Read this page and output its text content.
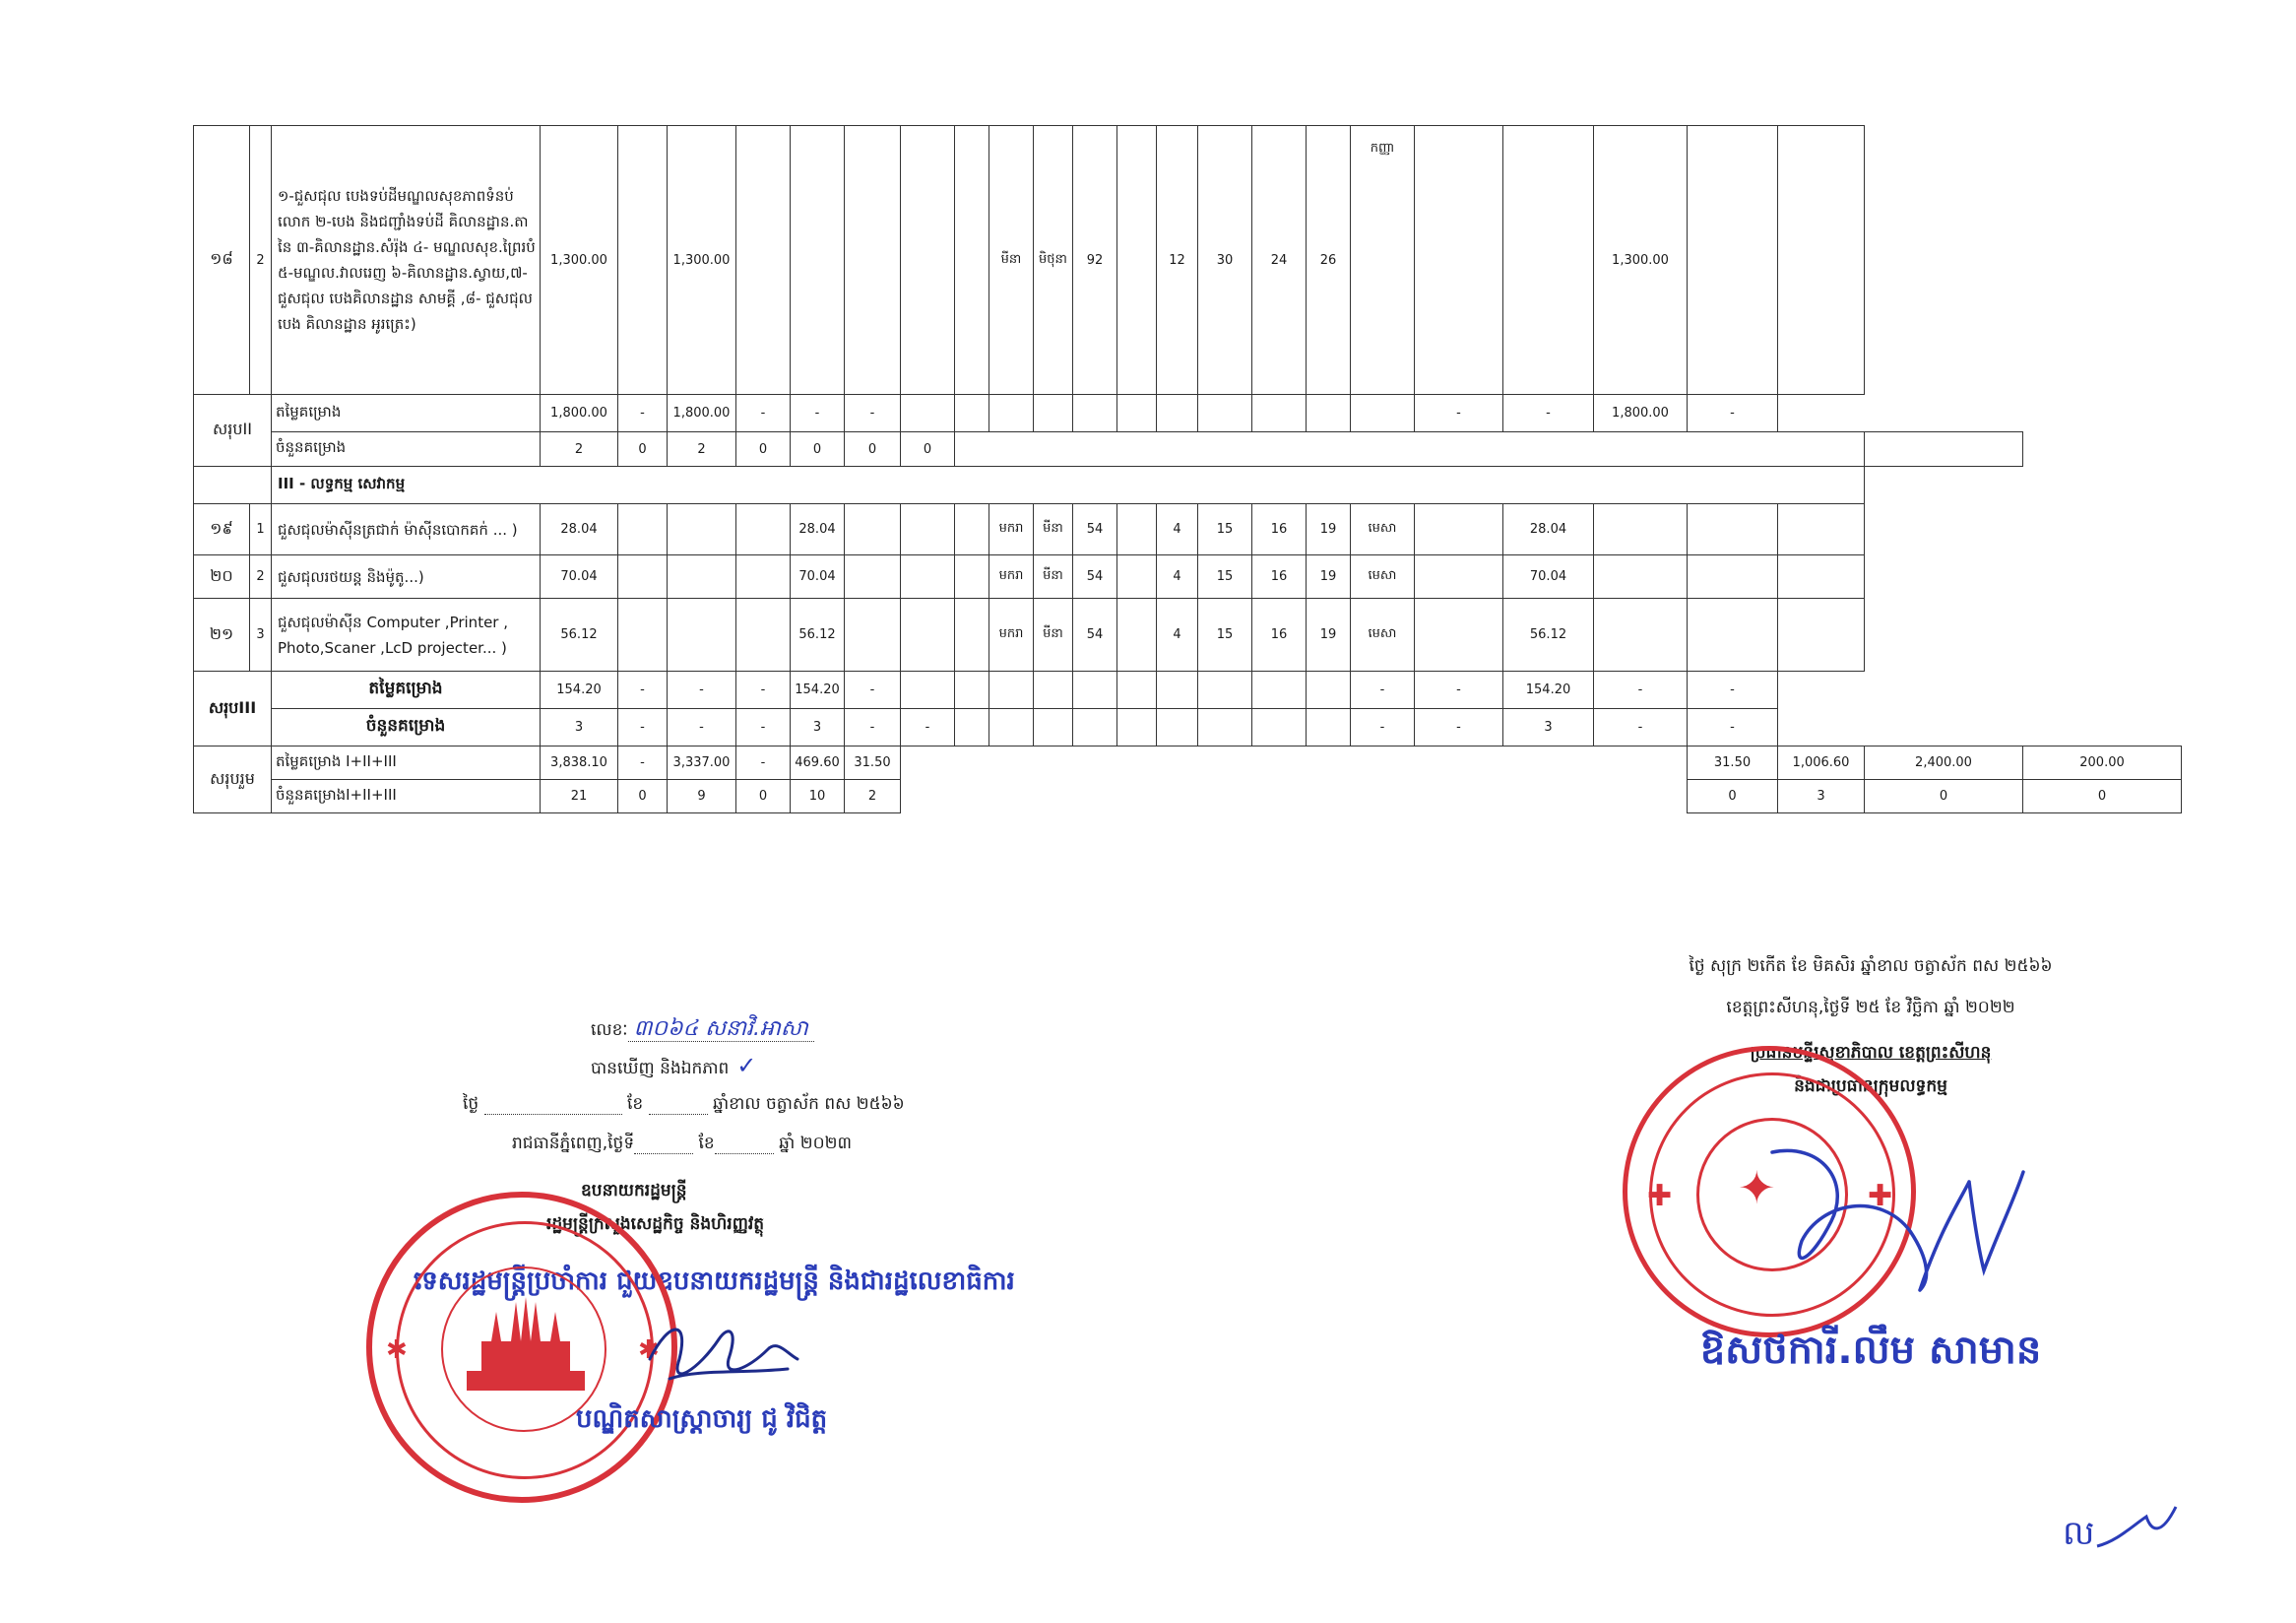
១៨	2	១-ជួសជុល បេងទប់ដីមណ្ឌលសុខភាពទំនប់លោក ២-បេង និងជញ្ជាំងទប់ដី គិលានដ្ឋាន.តានៃ ៣-គិលានដ្ឋាន.សំរ៉ុង ៤- មណ្ឌលសុខ.ព្រៃរបំ ៥-មណ្ឌល.វាលរេញ ៦-គិលានដ្ឋាន.ស្វាយ,៧-ជួសជុល បេងគិលានដ្ឋាន សាមគ្គី ,៨- ជួសជុល បេង គិលានដ្ឋាន អូរត្រេះ)	1,300.00		1,300.00						មីនា	មិថុនា	92		12	30	24	26	កញ្ញា			1,300.00				
សរុបII		តម្លៃគម្រោង	1,800.00	-	1,800.00	-	-	-												-	-	1,800.00	-			
		ចំនួនគម្រោង	2	0	2	0	0	0	0																	
		III - លទ្ធកម្ម សេវាកម្ម																								
១៩	1	ជួសជុលម៉ាស៊ីនត្រជាក់ ម៉ាស៊ីនបោកគក់ ... )	28.04				28.04				មករា	មីនា	54		4	15	16	19	មេសា		28.04					
២០	2	ជួសជុលរថយន្ត និងម៉ូតូ...)	70.04				70.04				មករា	មីនា	54		4	15	16	19	មេសា		70.04					
២១	3	ជួសជុលម៉ាស៊ីន Computer ,Printer , Photo,Scaner ,LcD projecter... )	56.12				56.12				មករា	មីនា	54		4	15	16	19	មេសា		56.12					
សរុបIII		តម្លៃគម្រោង	154.20	-	-	-	154.20	-											-	-	154.20	-	-			
		ចំនួនគម្រោង	3	-	-	-	3	-	-										-	-	3	-	-			
សរុបរួម		តម្លៃគម្រោង I+II+III	3,838.10	-	3,337.00	-	469.60	31.50															31.50	1,006.60	2,400.00	200.00
		ចំនួនគម្រោងI+II+III	21	0	9	0	10	2															0	3	0	0
ថ្ងៃ សុក្រ ២កើត ខែ មិគសិរ ឆ្នាំខាល ចត្វាស័ក ពស ២៥៦៦
ខេត្តព្រះសីហនុ,ថ្ងៃទី ២៥ ខែ វិច្ឆិកា ឆ្នាំ ២០២២
ប្រធានមន្ទីរសុខាភិបាល ខេត្តព្រះសីហនុ
និងជាប្រធានក្រុមលទ្ធកម្ម
✦
✚	✚
ឱសថការី.លឹម សាមាន
លេខៈ ៣០៦៤ សនាវិ.អាសា
បានឃើញ និងឯកភាព ✓
ថ្ងៃ	ខែ	ឆ្នាំខាល ចត្វាស័ក ពស ២៥៦៦
រាជធានីភ្នំពេញ,ថ្ងៃទី	ខែ	ឆ្នាំ ២០២៣
ឧបនាយករដ្ឋមន្ត្រី
រដ្ឋមន្ត្រីក្រសួងសេដ្ឋកិច្ច និងហិរញ្ញវត្ថុ
ទេសរដ្ឋមន្ត្រីប្រចាំការ ជួយឧបនាយករដ្ឋមន្ត្រី និងជារដ្ឋលេខាធិការ
✱	✱
បណ្ឌិតសាស្ត្រាចារ្យ ជូ វិជិត្ត
ល
